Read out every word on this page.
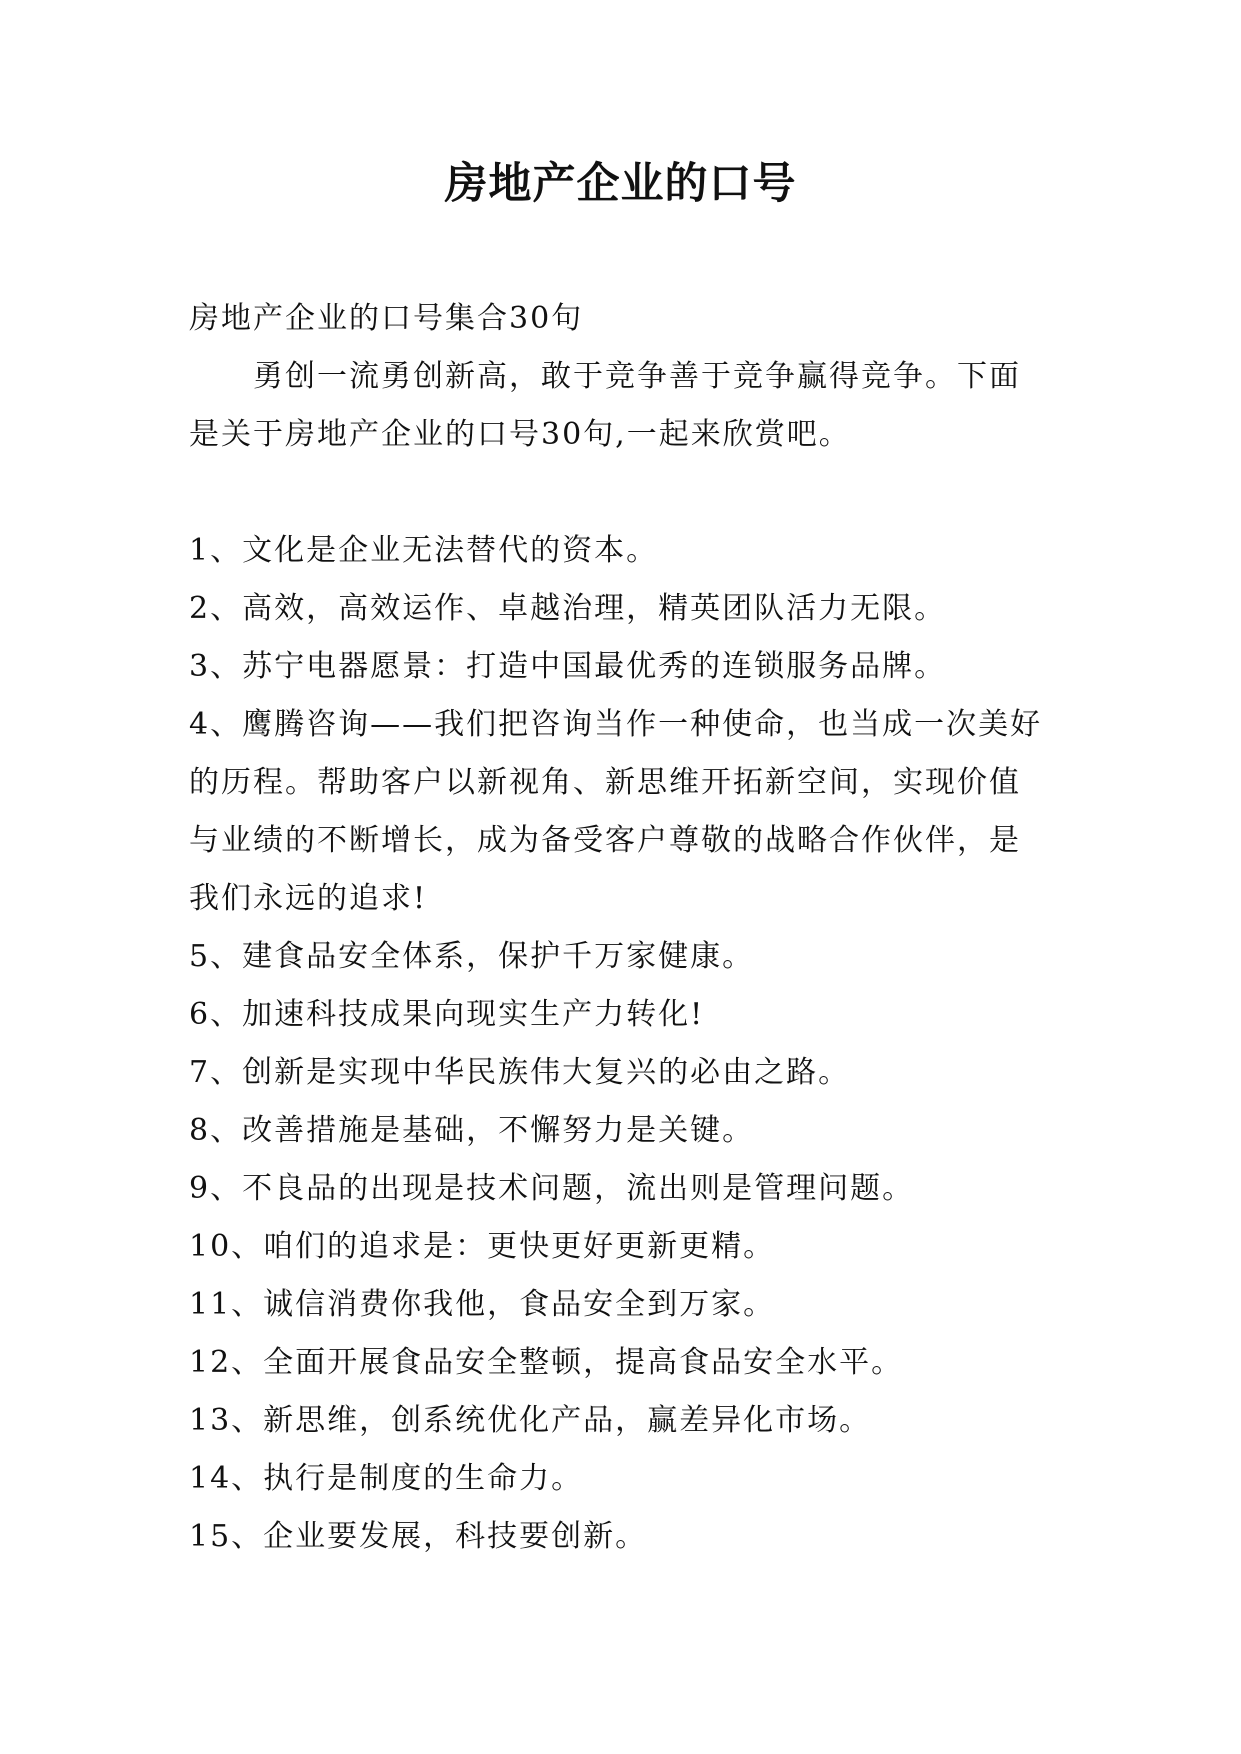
房地产企业的口号

房地产企业的口号集合30句

勇创一流勇创新高，敢于竞争善于竞争赢得竞争。下面是关于房地产企业的口号30句,一起来欣赏吧。

1、文化是企业无法替代的资本。

2、高效，高效运作、卓越治理，精英团队活力无限。

3、苏宁电器愿景：打造中国最优秀的连锁服务品牌。

4、鹰腾咨询——我们把咨询当作一种使命，也当成一次美好的历程。帮助客户以新视角、新思维开拓新空间，实现价值与业绩的不断增长，成为备受客户尊敬的战略合作伙伴，是我们永远的追求!

5、建食品安全体系，保护千万家健康。

6、加速科技成果向现实生产力转化!

7、创新是实现中华民族伟大复兴的必由之路。

8、改善措施是基础，不懈努力是关键。

9、不良品的出现是技术问题，流出则是管理问题。

10、咱们的追求是：更快更好更新更精。

11、诚信消费你我他，食品安全到万家。

12、全面开展食品安全整顿，提高食品安全水平。

13、新思维，创系统优化产品，赢差异化市场。

14、执行是制度的生命力。

15、企业要发展，科技要创新。
